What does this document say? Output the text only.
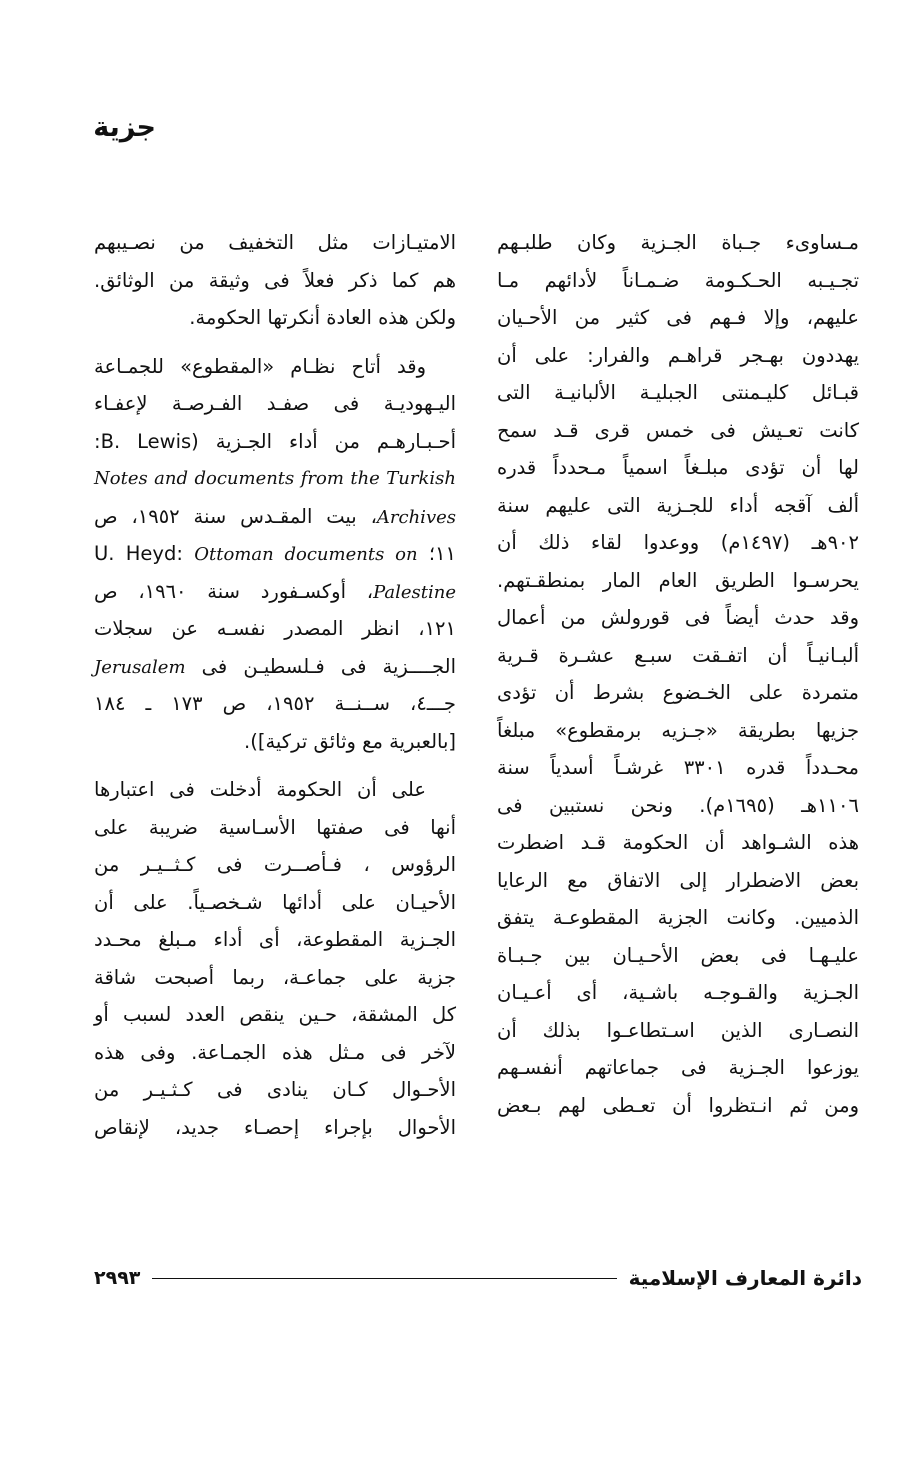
جزية
مـساوىء جـباة الجـزية وكان طلبـهم
تجـيـبه الحـكـومة ضـمـاناً لأدائهم مـا
عليهم، وإلا فـهم فى كثير من الأحـيان
يهددون بهـجر قراهـم والفرار: على أن
قبـائل كليـمنتى الجبليـة الألبانيـة التى
كانت تعـيش فى خمس قرى قـد سمح
لها أن تؤدى مبلـغاً اسمياً مـحدداً قدره
ألف آقجه أداء للجـزية التى عليهم سنة
٩٠٢هـ (١٤٩٧م) ووعدوا لقاء ذلك أن
يحرسـوا الطريق العام المار بمنطقـتهم.
وقد حدث أيضاً فى قورولش من أعمال
ألبـانيـاً أن اتفـقت سبـع عشـرة قـرية
متمردة على الخـضوع بشرط أن تؤدى
جزيها بطريقة «جـزيه برمقطوع» مبلغاً
محـدداً قدره ٣٣٠١ غرشـاً أسدياً سنة
١١٠٦هـ (١٦٩٥م). ونحن نستبين فى
هذه الشـواهد أن الحكومة قـد اضطرت
بعض الاضطرار إلى الاتفاق مع الرعايا
الذميين. وكانت الجزية المقطوعـة يتفق
عليـهـا فى بعض الأحـيـان بين جـبـاة
الجـزية والقـوجـه باشـية، أى أعـيـان
النصـارى الذين اسـتطاعـوا بذلك أن
يوزعوا الجـزية فى جماعاتهم أنفسـهم
ومن ثم انـتظروا أن تعـطى لهم بـعض
الامتيـازات مثل التخفيف من نصـيبهم
هم كما ذكر فعلاً فى وثيقة من الوثائق.
ولكن هذه العادة أنكرتها الحكومة.
وقد أتاح نظـام «المقطوع» للجمـاعة
اليـهوديـة فى صفـد الفـرصـة لإعفـاء
أحـبـارهـم من أداء الجـزية (B. Lewis:
Notes and documents from the Turkish
Archives، بيت المقـدس سنة ١٩٥٢، ص
١١؛ U. Heyd: Ottoman documents on
Palestine، أوكسـفورد سنة ١٩٦٠، ص
١٢١، انظر المصدر نفسـه عن سجلات
الجــــزية فى فـلسطيـن فى Jerusalem
جـــ٤، ســنــة ١٩٥٢، ص ١٧٣ ـ ١٨٤
[بالعبرية مع وثائق تركية]).
على أن الحكومة أدخلت فى اعتبارها
أنها فى صفتها الأسـاسية ضريبة على
الرؤوس ، فـأصــرت فى كـثــيـر من
الأحيـان على أدائها شـخصـياً. على أن
الجـزية المقطوعة، أى أداء مـبلغ محـدد
جزية على جماعـة، ربما أصبحت شاقة
كل المشقة، حـين ينقص العدد لسبب أو
لآخر فى مـثل هذه الجمـاعة. وفى هذه
الأحـوال كـان ينادى فى كـثـيـر من
الأحوال بإجراء إحصـاء جديد، لإنقاص
دائرة المعارف الإسلامية
٢٩٩٣
